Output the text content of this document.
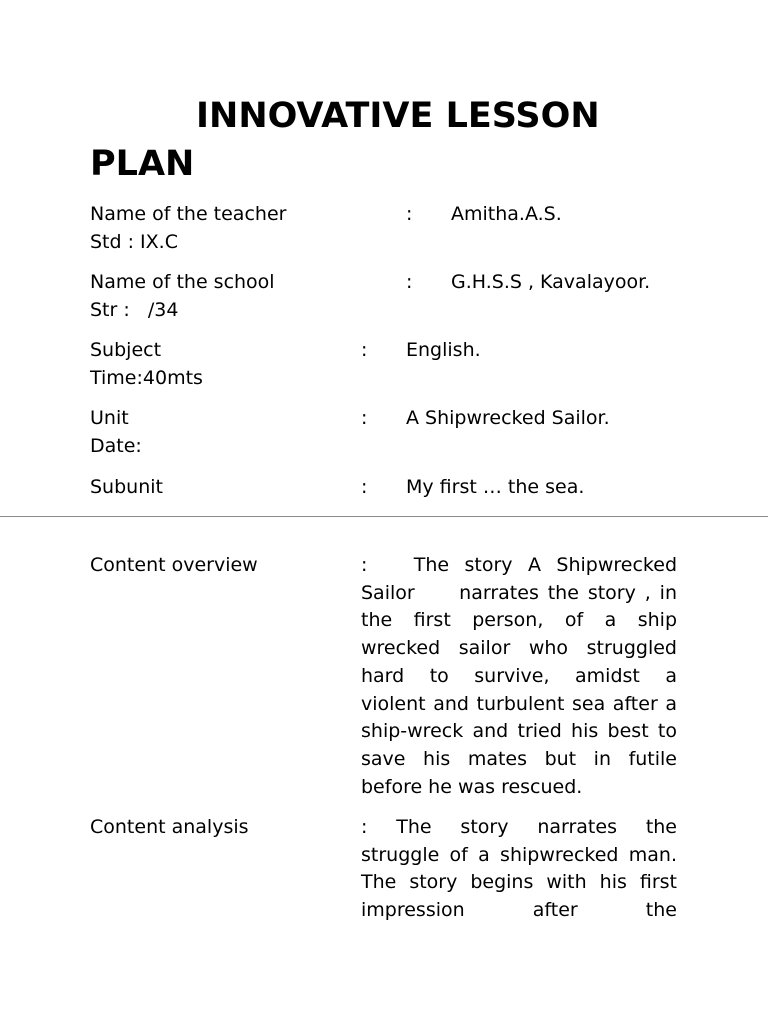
INNOVATIVE LESSON
PLAN
Name of the teacher	: Amitha.A.S.
Std : IX.C
Name of the school	: G.H.S.S , Kavalayoor.
Str :   /34
Subject	: English.
Time:40mts
Unit	: A Shipwrecked Sailor.
Date:
Subunit	: My first … the sea.
Content overview	:      The  story  A  Shipwrecked Sailor     narrates the story , in the  first  person,  of  a  ship wrecked  sailor  who  struggled hard  to  survive,  amidst  a violent and turbulent sea after a ship-wreck and tried his best to save his mates but in futile before he was rescued.
Content analysis	:  The  story  narrates  the struggle of a shipwrecked man. The story begins with his first impression after the
